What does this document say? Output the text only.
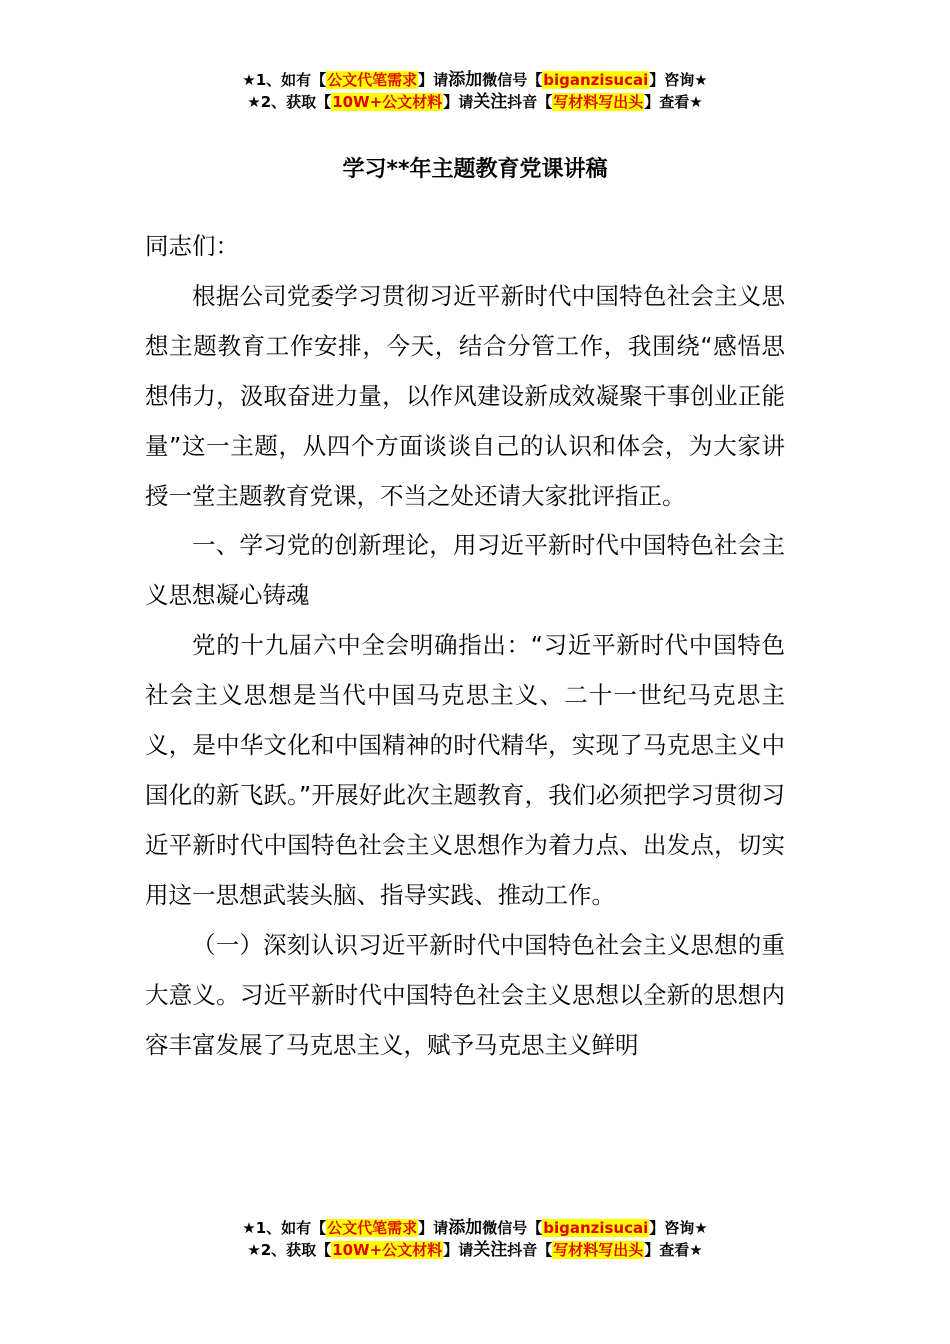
★1、如有【公文代笔需求】请添加微信号【biganzisucai】咨询★
★2、获取【10W+公文材料】请关注抖音【写材料写出头】查看★
学习**年主题教育党课讲稿

同志们：

根据公司党委学习贯彻习近平新时代中国特色社会主义思想主题教育工作安排，今天，结合分管工作，我围绕“感悟思想伟力，汲取奋进力量，以作风建设新成效凝聚干事创业正能量”这一主题，从四个方面谈谈自己的认识和体会，为大家讲授一堂主题教育党课，不当之处还请大家批评指正。

一、学习党的创新理论，用习近平新时代中国特色社会主义思想凝心铸魂

党的十九届六中全会明确指出：“习近平新时代中国特色社会主义思想是当代中国马克思主义、二十一世纪马克思主义，是中华文化和中国精神的时代精华，实现了马克思主义中国化的新飞跃。”开展好此次主题教育，我们必须把学习贯彻习近平新时代中国特色社会主义思想作为着力点、出发点，切实用这一思想武装头脑、指导实践、推动工作。

（一）深刻认识习近平新时代中国特色社会主义思想的重大意义。习近平新时代中国特色社会主义思想以全新的思想内容丰富发展了马克思主义，赋予马克思主义鲜明

★1、如有【公文代笔需求】请添加微信号【biganzisucai】咨询★
★2、获取【10W+公文材料】请关注抖音【写材料写出头】查看★
